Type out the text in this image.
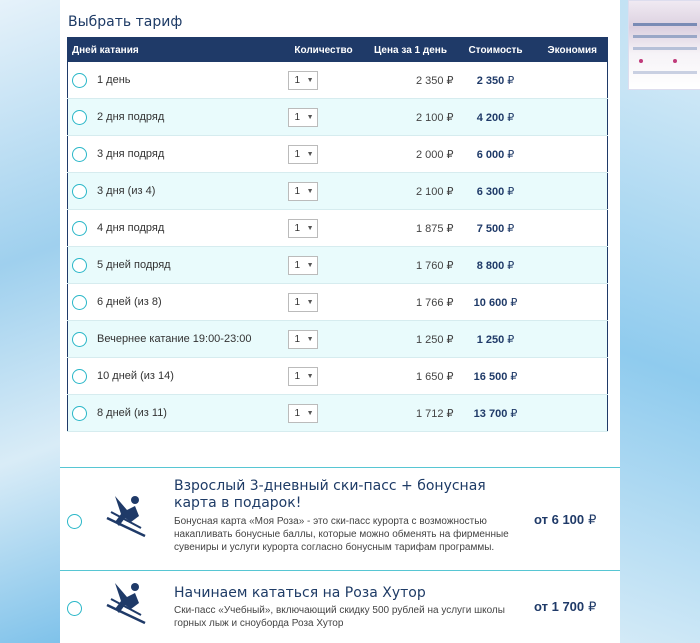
Выбрать тариф
Дней катания	Количество	Цена за 1 день	Стоимость	Экономия

1 день	1 ▼	2 350 ₽	2 350 ₽	

2 дня подряд	1 ▼	2 100 ₽	4 200 ₽	

3 дня подряд	1 ▼	2 000 ₽	6 000 ₽	

3 дня (из 4)	1 ▼	2 100 ₽	6 300 ₽	

4 дня подряд	1 ▼	1 875 ₽	7 500 ₽	

5 дней подряд	1 ▼	1 760 ₽	8 800 ₽	

6 дней (из 8)	1 ▼	1 766 ₽	10 600 ₽	

Вечернее катание 19:00-23:00	1 ▼	1 250 ₽	1 250 ₽	

10 дней (из 14)	1 ▼	1 650 ₽	16 500 ₽	

8 дней (из 11)	1 ▼	1 712 ₽	13 700 ₽	
Взрослый 3-дневный ски-пасс + бонусная карта в подарок!
Бонусная карта «Моя Роза» - это ски-пасс курорта с возможностью накапливать бонусные баллы, которые можно обменять на фирменные сувениры и услуги курорта согласно бонусным тарифам программы.
от 6 100 ₽
Начинаем кататься на Роза Хутор
Ски-пасс «Учебный», включающий скидку 500 рублей на услуги школы горных лыж и сноуборда Роза Хутор
от 1 700 ₽
